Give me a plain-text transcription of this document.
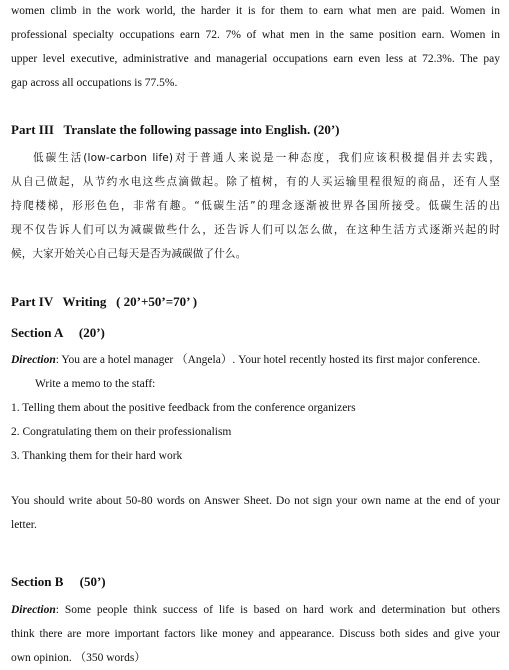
women climb in the work world, the harder it is for them to earn what men are paid. Women in

professional specialty occupations earn 72. 7% of what men in the same position earn. Women in

upper level executive, administrative and managerial occupations earn even less at 72.3%. The pay

gap across all occupations is 77.5%.

Part III   Translate the following passage into English. (20’)

低碳生活(low-carbon life)对于普通人来说是一种态度，我们应该积极提倡并去实践，

从自己做起，从节约水电这些点滴做起。除了植树，有的人买运输里程很短的商品，还有人坚

持爬楼梯，形形色色，非常有趣。“低碳生活”的理念逐渐被世界各国所接受。低碳生活的出

现不仅告诉人们可以为减碳做些什么，还告诉人们可以怎么做，在这种生活方式逐渐兴起的时

候，大家开始关心自己每天是否为减碳做了什么。

Part IV   Writing   ( 20’+50’=70’ )

Section A     (20’)

Direction: You are a hotel manager （Angela）. Your hotel recently hosted its first major conference.

Write a memo to the staff:

1. Telling them about the positive feedback from the conference organizers

2. Congratulating them on their professionalism

3. Thanking them for their hard work

You should write about 50-80 words on Answer Sheet. Do not sign your own name at the end of your

letter.

Section B     (50’)

Direction: Some people think success of life is based on hard work and determination but others

think there are more important factors like money and appearance. Discuss both sides and give your

own opinion. （350 words）
